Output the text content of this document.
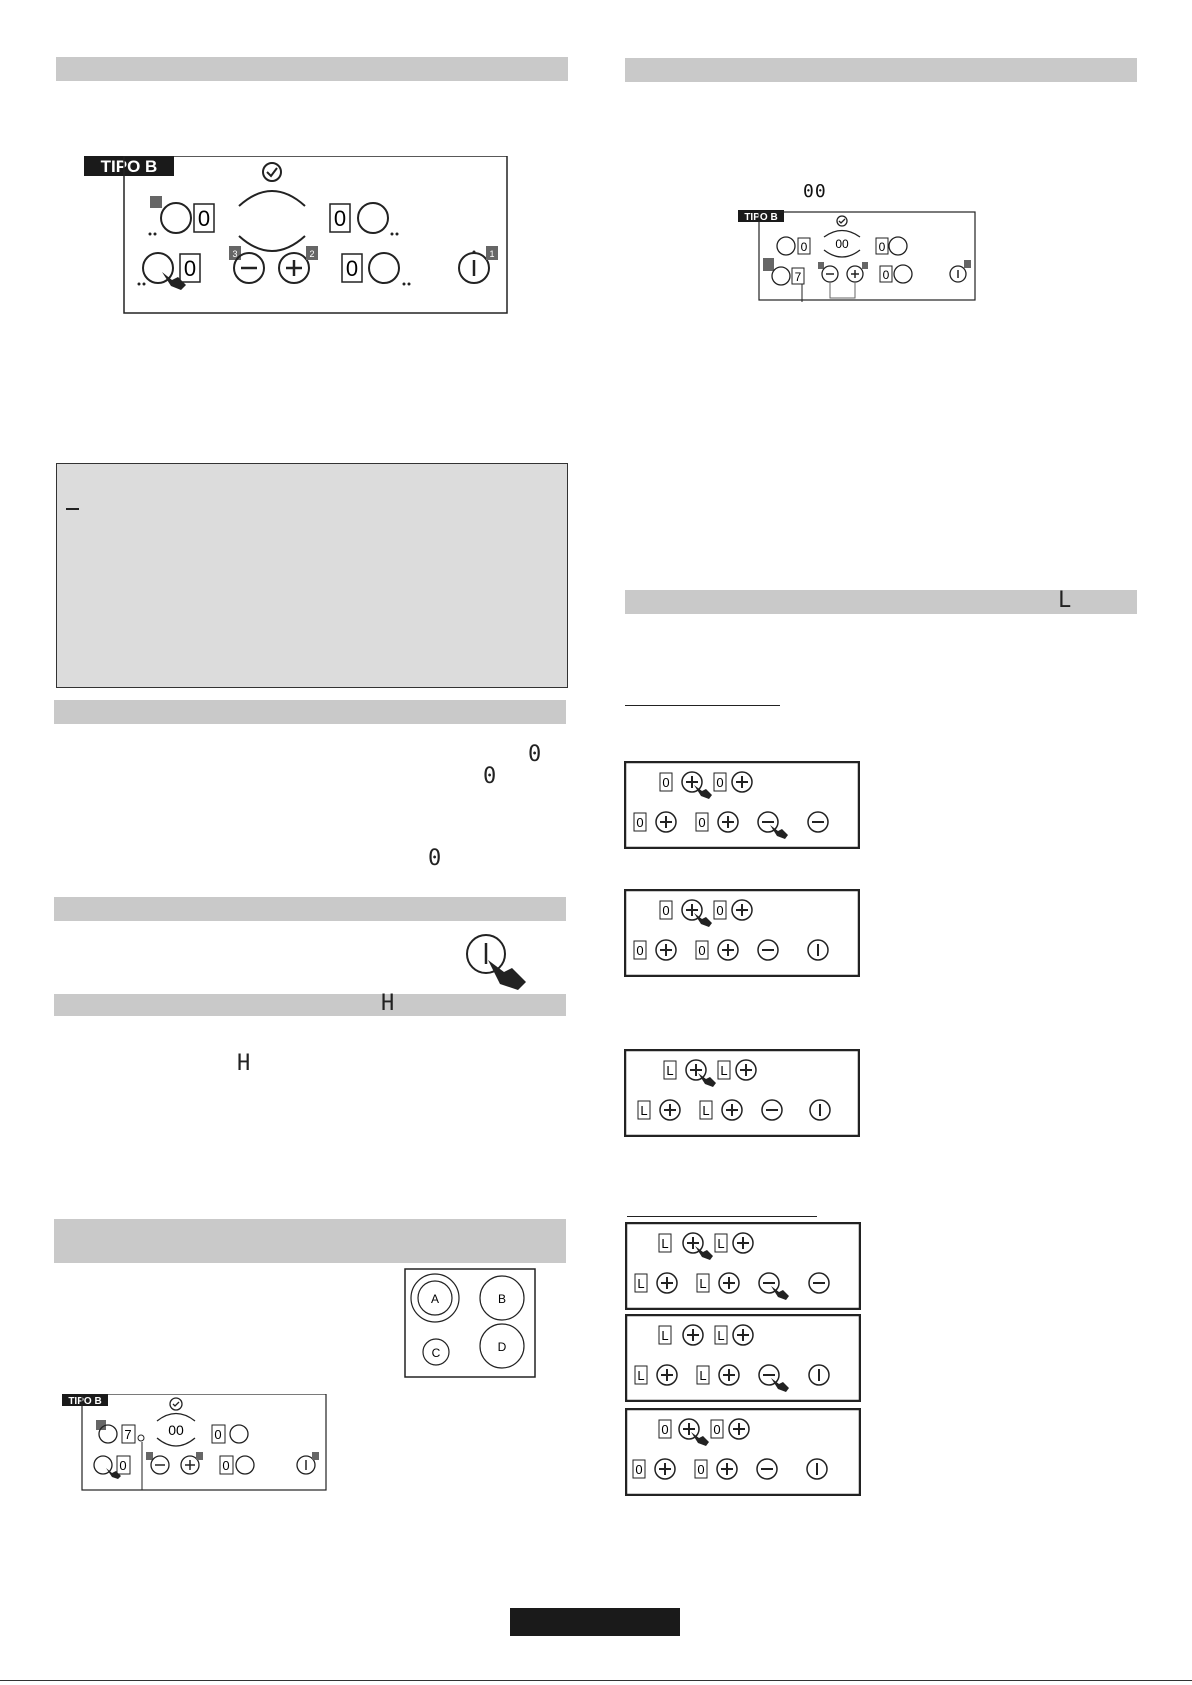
TIPO B
0	0
0
3	2
0
1
0
0
0
H
H
A	B
C	D
TIPO B
00
7	0
0	0
00
TIPO B
00
0	0
7	0
L
0	0
0	0
0	0
0	0
L	L
L	L
L	L
L	L
L	L
L	L
0	0
0	0
